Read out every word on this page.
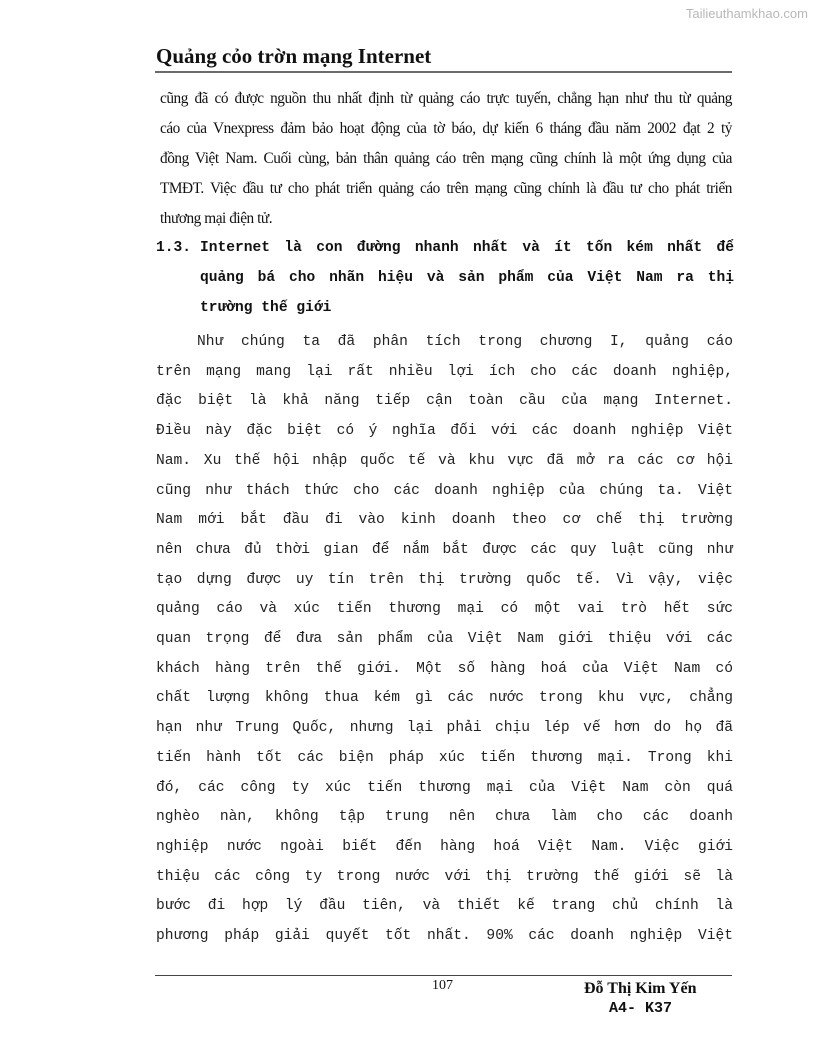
Tailieuthamkhao.com
Quảng cỏo trờn mạng Internet
cũng đã có được nguồn thu nhất định từ quảng cáo trực tuyến, chẳng hạn như thu từ quảng
cáo của Vnexpress đảm bảo hoạt động của tờ báo, dự kiến 6 tháng đầu năm 2002 đạt 2 tỷ
đồng Việt Nam. Cuối cùng, bản thân quảng cáo trên mạng cũng chính là một ứng dụng của
TMĐT. Việc đầu tư cho phát triển quảng cáo trên mạng cũng chính là đầu tư cho phát triển
thương mại điện tử.
1.3. Internet là con đường nhanh nhất và ít tốn kém nhất để
quảng bá cho nhãn hiệu và sản phẩm của Việt Nam ra thị
trường thế giới
Như chúng ta đã phân tích trong chương I, quảng cáo
trên mạng mang lại rất nhiều lợi ích cho các doanh nghiệp,
đặc biệt là khả năng tiếp cận toàn cầu của mạng Internet.
Điều này đặc biệt có ý nghĩa đối với các doanh nghiệp Việt
Nam. Xu thế hội nhập quốc tế và khu vực đã mở ra các cơ hội
cũng như thách thức cho các doanh nghiệp của chúng ta. Việt
Nam mới bắt đầu đi vào kinh doanh theo cơ chế thị trường
nên chưa đủ thời gian để nắm bắt được các quy luật cũng như
tạo dựng được uy tín trên thị trường quốc tế. Vì vậy, việc
quảng cáo và xúc tiến thương mại có một vai trò hết sức
quan trọng để đưa sản phẩm của Việt Nam giới thiệu với các
khách hàng trên thế giới. Một số hàng hoá của Việt Nam có
chất lượng không thua kém gì các nước trong khu vực, chẳng
hạn như Trung Quốc, nhưng lại phải chịu lép vế hơn do họ đã
tiến hành tốt các biện pháp xúc tiến thương mại. Trong khi
đó, các công ty xúc tiến thương mại của Việt Nam còn quá
nghèo nàn, không tập trung nên chưa làm cho các doanh
nghiệp nước ngoài biết đến hàng hoá Việt Nam. Việc giới
thiệu các công ty trong nước với thị trường thế giới sẽ là
bước đi hợp lý đầu tiên, và thiết kế trang chủ chính là
phương pháp giải quyết tốt nhất. 90% các doanh nghiệp Việt
107	Đỗ Thị Kim Yến
A4- K37
